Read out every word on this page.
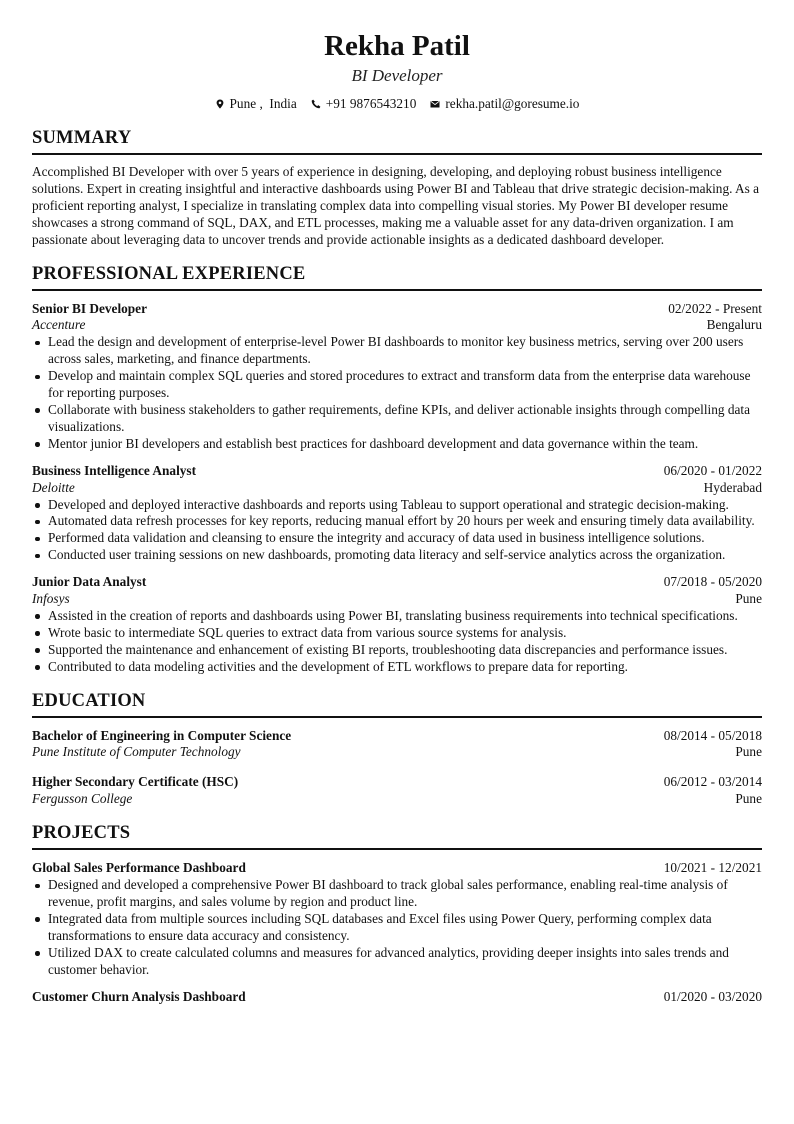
Rekha Patil
BI Developer
Pune ,  India +91 9876543210 rekha.patil@goresume.io
SUMMARY
Accomplished BI Developer with over 5 years of experience in designing, developing, and deploying robust business intelligence solutions. Expert in creating insightful and interactive dashboards using Power BI and Tableau that drive strategic decision-making. As a proficient reporting analyst, I specialize in translating complex data into compelling visual stories. My Power BI developer resume showcases a strong command of SQL, DAX, and ETL processes, making me a valuable asset for any data-driven organization. I am passionate about leveraging data to uncover trends and provide actionable insights as a dedicated dashboard developer.
PROFESSIONAL EXPERIENCE
Senior BI Developer	02/2022 - Present
Accenture	Bengaluru
Lead the design and development of enterprise-level Power BI dashboards to monitor key business metrics, serving over 200 users across sales, marketing, and finance departments.
Develop and maintain complex SQL queries and stored procedures to extract and transform data from the enterprise data warehouse for reporting purposes.
Collaborate with business stakeholders to gather requirements, define KPIs, and deliver actionable insights through compelling data visualizations.
Mentor junior BI developers and establish best practices for dashboard development and data governance within the team.
Business Intelligence Analyst	06/2020 - 01/2022
Deloitte	Hyderabad
Developed and deployed interactive dashboards and reports using Tableau to support operational and strategic decision-making.
Automated data refresh processes for key reports, reducing manual effort by 20 hours per week and ensuring timely data availability.
Performed data validation and cleansing to ensure the integrity and accuracy of data used in business intelligence solutions.
Conducted user training sessions on new dashboards, promoting data literacy and self-service analytics across the organization.
Junior Data Analyst	07/2018 - 05/2020
Infosys	Pune
Assisted in the creation of reports and dashboards using Power BI, translating business requirements into technical specifications.
Wrote basic to intermediate SQL queries to extract data from various source systems for analysis.
Supported the maintenance and enhancement of existing BI reports, troubleshooting data discrepancies and performance issues.
Contributed to data modeling activities and the development of ETL workflows to prepare data for reporting.
EDUCATION
Bachelor of Engineering in Computer Science	08/2014 - 05/2018
Pune Institute of Computer Technology	Pune
Higher Secondary Certificate (HSC)	06/2012 - 03/2014
Fergusson College	Pune
PROJECTS
Global Sales Performance Dashboard	10/2021 - 12/2021
Designed and developed a comprehensive Power BI dashboard to track global sales performance, enabling real-time analysis of revenue, profit margins, and sales volume by region and product line.
Integrated data from multiple sources including SQL databases and Excel files using Power Query, performing complex data transformations to ensure data accuracy and consistency.
Utilized DAX to create calculated columns and measures for advanced analytics, providing deeper insights into sales trends and customer behavior.
Customer Churn Analysis Dashboard	01/2020 - 03/2020
